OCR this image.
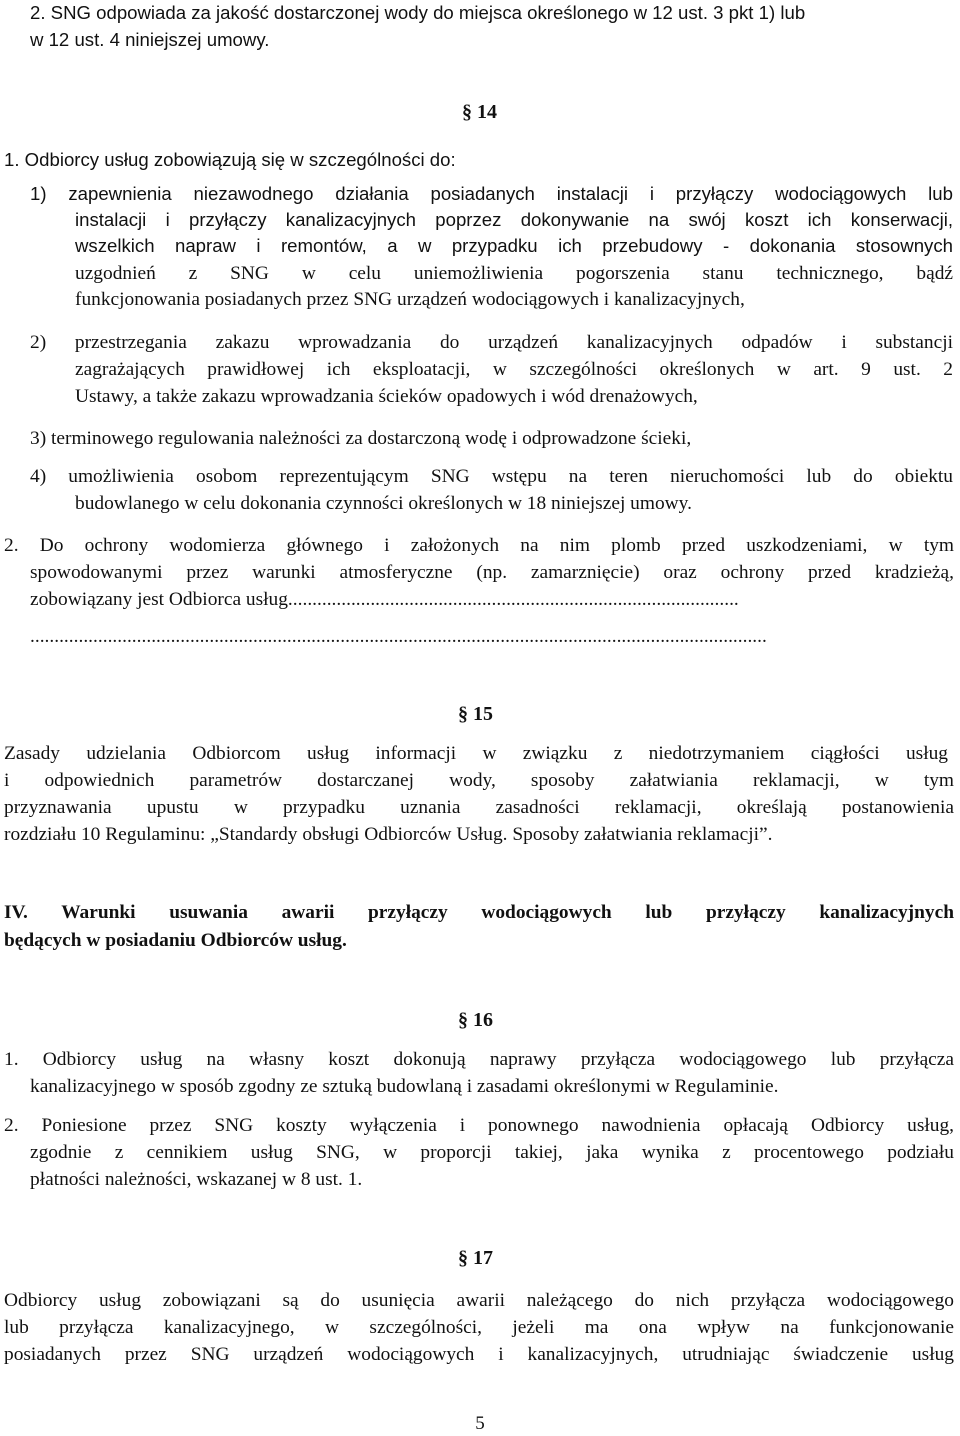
2. SNG odpowiada za jakość dostarczonej wody do miejsca określonego w 12 ust. 3 pkt 1) lub
w 12 ust. 4 niniejszej umowy.
§ 14
1. Odbiorcy usług zobowiązują się w szczególności do:
1) zapewnienia niezawodnego działania posiadanych instalacji i przyłączy wodociągowych lub
instalacji i przyłączy kanalizacyjnych poprzez dokonywanie na swój koszt ich konserwacji,
wszelkich napraw i remontów, a w przypadku ich przebudowy - dokonania stosownych
uzgodnień z SNG w celu uniemożliwienia pogorszenia stanu technicznego, bądź
funkcjonowania posiadanych przez SNG urządzeń wodociągowych i kanalizacyjnych,
2) przestrzegania zakazu wprowadzania do urządzeń kanalizacyjnych odpadów i substancji
zagrażających prawidłowej ich eksploatacji, w szczególności określonych w art. 9 ust. 2
Ustawy, a także zakazu wprowadzania ścieków opadowych i wód drenażowych,
3) terminowego regulowania należności za dostarczoną wodę i odprowadzone ścieki,
4) umożliwienia osobom reprezentującym SNG wstępu na teren nieruchomości lub do obiektu
budowlanego w celu dokonania czynności określonych w 18 niniejszej umowy.
2. Do ochrony wodomierza głównego i założonych na nim plomb przed uszkodzeniami, w tym
spowodowanymi przez warunki atmosferyczne (np. zamarznięcie) oraz ochrony przed kradzieżą,
zobowiązany jest Odbiorca usług.............................................................................................
........................................................................................................................................................
§ 15
Zasady udzielania Odbiorcom usług informacji w związku z niedotrzymaniem ciągłości usług
i odpowiednich parametrów dostarczanej wody, sposoby załatwiania reklamacji, w tym
przyznawania upustu w przypadku uznania zasadności reklamacji, określają postanowienia
rozdziału 10 Regulaminu: „Standardy obsługi Odbiorców Usług. Sposoby załatwiania reklamacji”.
IV. Warunki usuwania awarii przyłączy wodociągowych lub przyłączy kanalizacyjnych
będących w posiadaniu Odbiorców usług.
§ 16
1. Odbiorcy usług na własny koszt dokonują naprawy przyłącza wodociągowego lub przyłącza
kanalizacyjnego w sposób zgodny ze sztuką budowlaną i zasadami określonymi w Regulaminie.
2. Poniesione przez SNG koszty wyłączenia i ponownego nawodnienia opłacają Odbiorcy usług,
zgodnie z cennikiem usług SNG, w proporcji takiej, jaka wynika z procentowego podziału
płatności należności, wskazanej w 8 ust. 1.
§ 17
Odbiorcy usług zobowiązani są do usunięcia awarii należącego do nich przyłącza wodociągowego
lub przyłącza kanalizacyjnego, w szczególności, jeżeli ma ona wpływ na funkcjonowanie
posiadanych przez SNG urządzeń wodociągowych i kanalizacyjnych, utrudniając świadczenie usług
5
